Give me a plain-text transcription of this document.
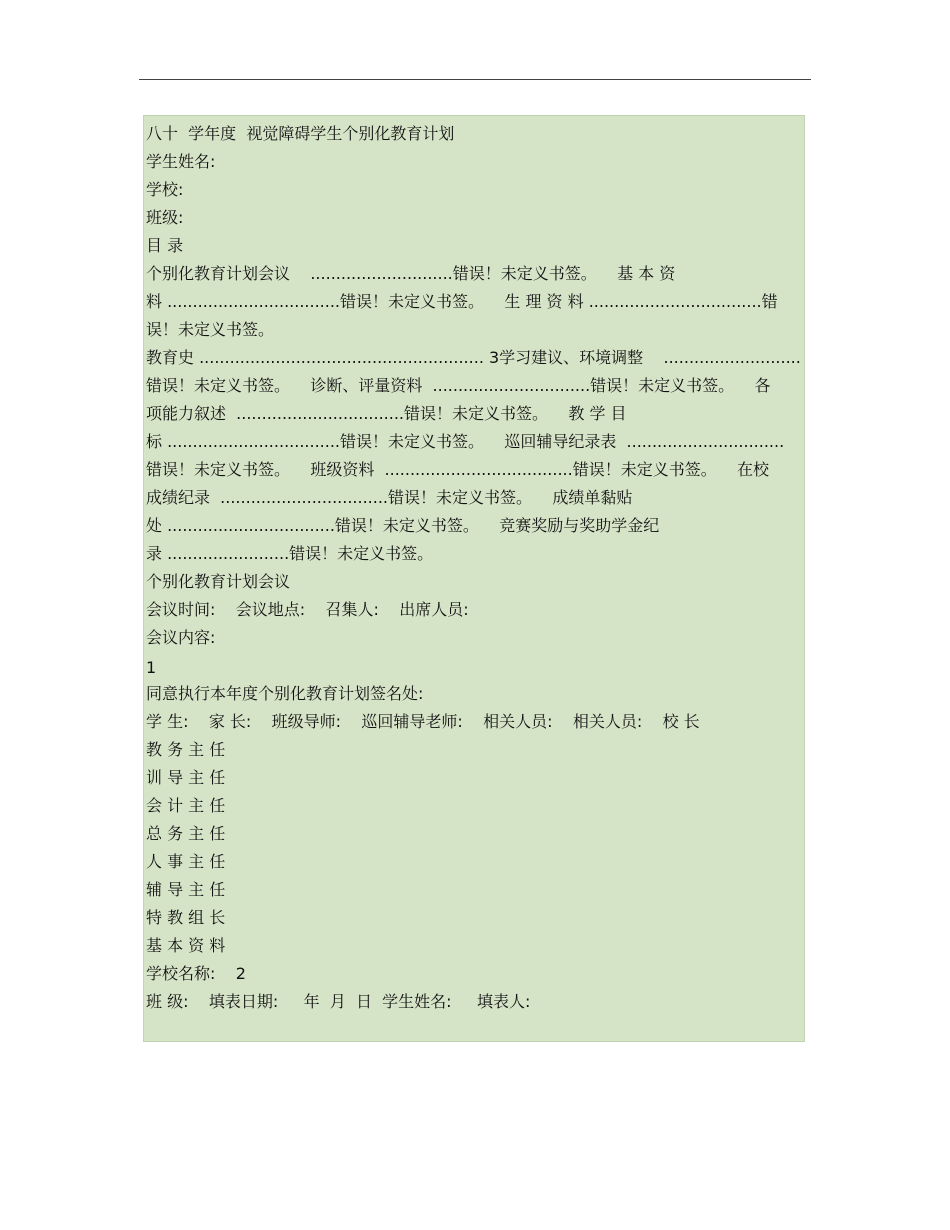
八十  学年度  视觉障碍学生个别化教育计划
学生姓名:
学校:
班级:
目 录
个别化教育计划会议    ............................错误！未定义书签。    基 本 资
料 ..................................错误！未定义书签。    生 理 资 料 ..................................错
误！未定义书签。
教育史 ........................................................ 3学习建议、环境调整    ...........................
错误！未定义书签。    诊断、评量资料  ...............................错误！未定义书签。    各
项能力叙述  .................................错误！未定义书签。    教 学 目
标 ..................................错误！未定义书签。    巡回辅导纪录表  ...............................
错误！未定义书签。    班级资料  .....................................错误！未定义书签。    在校
成绩纪录  .................................错误！未定义书签。    成绩单黏贴
处 .................................错误！未定义书签。    竞赛奖励与奖助学金纪
录 ........................错误！未定义书签。
个别化教育计划会议
会议时间:    会议地点:    召集人:    出席人员:
会议内容:
1
同意执行本年度个别化教育计划签名处:
学 生:    家 长:    班级导师:    巡回辅导老师:    相关人员:    相关人员:    校 长
教 务 主 任
训 导 主 任
会 计 主 任
总 务 主 任
人 事 主 任
辅 导 主 任
特 教 组 长
基 本 资 料
学校名称:    2
班 级:    填表日期:     年  月  日  学生姓名:     填表人:
